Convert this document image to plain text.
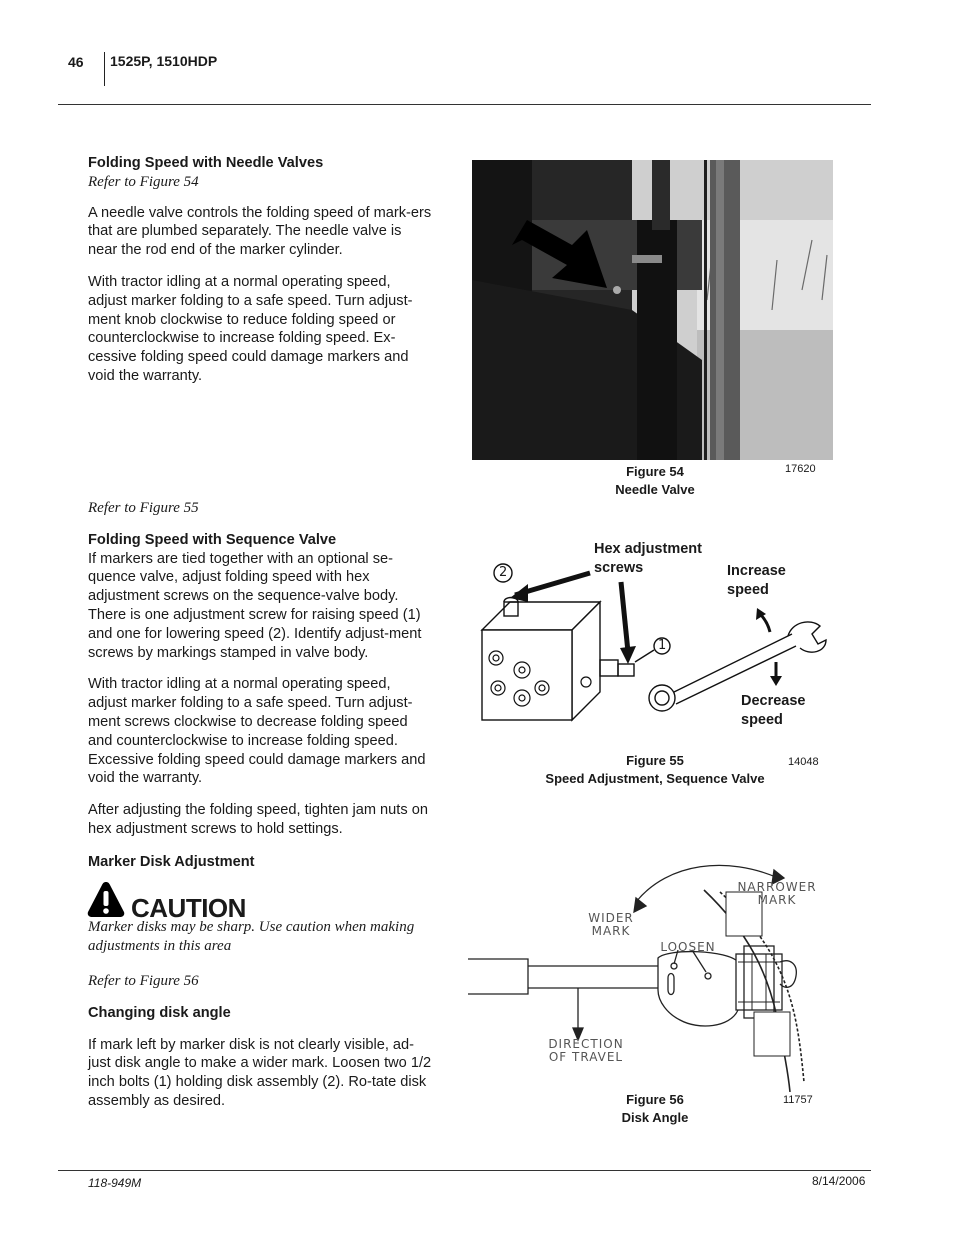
46 1525P, 1510HDP
Folding Speed with Needle Valves
Refer to Figure 54

A needle valve controls the folding speed of mark-ers that are plumbed separately. The needle valve is near the rod end of the marker cylinder.

With tractor idling at a normal operating speed, adjust marker folding to a safe speed. Turn adjust-ment knob clockwise to reduce folding speed or counterclockwise to increase folding speed. Ex-cessive folding speed could damage markers and void the warranty.

Refer to Figure 55
Folding Speed with Sequence Valve

If markers are tied together with an optional se-quence valve, adjust folding speed with hex adjustment screws on the sequence-valve body. There is one adjustment screw for raising speed (1) and one for lowering speed (2). Identify adjust-ment screws by markings stamped in valve body.

With tractor idling at a normal operating speed, adjust marker folding to a safe speed. Turn adjust-ment screws clockwise to decrease folding speed and counterclockwise to increase folding speed. Excessive folding speed could damage markers and void the warranty.

After adjusting the folding speed, tighten jam nuts on hex adjustment screws to hold settings.

Marker Disk Adjustment
CAUTION
Marker disks may be sharp. Use caution when making adjustments in this area
Refer to Figure 56
Changing disk angle

If mark left by marker disk is not clearly visible, ad-just disk angle to make a wider mark. Loosen two 1/2 inch bolts (1) holding disk assembly (2). Ro-tate disk assembly as desired.

Figure 54
Needle Valve
17620
2
1
Hex adjustment
screws	Increase
speed
Decrease
speed
Figure 55
Speed Adjustment, Sequence Valve
14048
NARROWER
MARK
WIDER
MARK
LOOSEN
DIRECTION
OF TRAVEL
Figure 56
Disk Angle
11757
118-949M	8/14/2006
